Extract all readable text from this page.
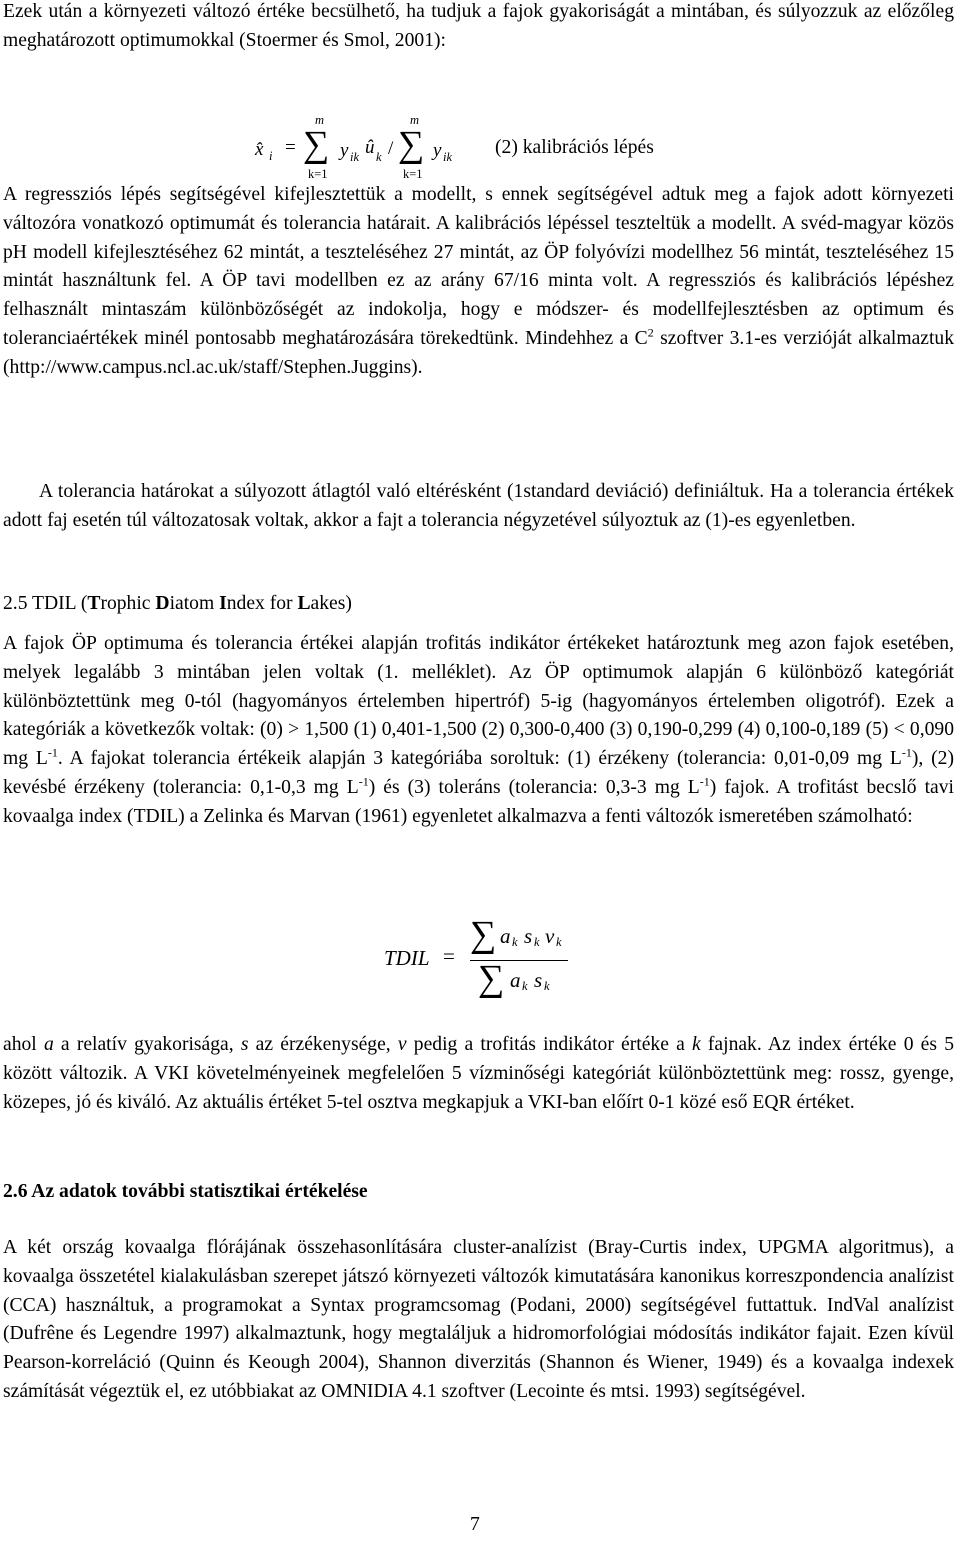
Ezek után a környezeti változó értéke becsülhető, ha tudjuk a fajok gyakoriságát a mintában, és súlyozzuk az előzőleg meghatározott optimumokkal (Stoermer és Smol, 2001):

x̂ i =
m
∑
k=1
y ik û k /
m
∑
k=1
y ik (2) kalibrációs lépés

A regressziós lépés segítségével kifejlesztettük a modellt, s ennek segítségével adtuk meg a fajok adott környezeti változóra vonatkozó optimumát és tolerancia határait. A kalibrációs lépéssel teszteltük a modellt. A svéd-magyar közös pH modell kifejlesztéséhez 62 mintát, a teszteléséhez 27 mintát, az ÖP folyóvízi modellhez 56 mintát, teszteléséhez 15 mintát használtunk fel. A ÖP tavi modellben ez az arány 67/16 minta volt. A regressziós és kalibrációs lépéshez felhasznált mintaszám különbözőségét az indokolja, hogy e módszer- és modellfejlesztésben az optimum és toleranciaértékek minél pontosabb meghatározására törekedtünk. Mindehhez a $C^2$ szoftver 3.1-es verzióját alkalmaztuk (http://www.campus.ncl.ac.uk/staff/Stephen.Juggins).

A tolerancia határokat a súlyozott átlagtól való eltérésként (1standard deviáció) definiáltuk. Ha a tolerancia értékek adott faj esetén túl változatosak voltak, akkor a fajt a tolerancia négyzetével súlyoztuk az (1)-es egyenletben.

2.5 TDIL (Trophic Diatom Index for Lakes)

A fajok ÖP optimuma és tolerancia értékei alapján trofitás indikátor értékeket határoztunk meg azon fajok esetében, melyek legalább 3 mintában jelen voltak (1. melléklet). Az ÖP optimumok alapján 6 különböző kategóriát különböztettünk meg 0-tól (hagyományos értelemben hipertróf) 5-ig (hagyományos értelemben oligotróf). Ezek a kategóriák a következők voltak: (0) > 1,500 (1) 0,401-1,500 (2) 0,300-0,400 (3) 0,190-0,299 (4) 0,100-0,189 (5) < 0,090 mg $L^{-1}$. A fajokat tolerancia értékeik alapján 3 kategóriába soroltuk: (1) érzékeny (tolerancia: 0,01-0,09 mg $L^{-1}$), (2) kevésbé érzékeny (tolerancia: 0,1-0,3 mg $L^{-1}$) és (3) toleráns (tolerancia: 0,3-3 mg $L^{-1}$) fajok. A trofitást becslő tavi kovaalga index (TDIL) a Zelinka és Marvan (1961) egyenletet alkalmazva a fenti változók ismeretében számolható:

TDIL =
∑ a k s k v k
∑ a k s k

ahol a a relatív gyakorisága, s az érzékenysége, v pedig a trofitás indikátor értéke a k fajnak. Az index értéke 0 és 5 között változik. A VKI követelményeinek megfelelően 5 vízminőségi kategóriát különböztettünk meg: rossz, gyenge, közepes, jó és kiváló. Az aktuális értéket 5-tel osztva megkapjuk a VKI-ban előírt 0-1 közé eső EQR értéket.

2.6 Az adatok további statisztikai értékelése

A két ország kovaalga flórájának összehasonlítására cluster-analízist (Bray-Curtis index, UPGMA algoritmus), a kovaalga összetétel kialakulásban szerepet játszó környezeti változók kimutatására kanonikus korreszpondencia analízist (CCA) használtuk, a programokat a Syntax programcsomag (Podani, 2000) segítségével futtattuk. IndVal analízist (Dufrêne és Legendre 1997) alkalmaztunk, hogy megtaláljuk a hidromorfológiai módosítás indikátor fajait. Ezen kívül Pearson-korreláció (Quinn és Keough 2004), Shannon diverzitás (Shannon és Wiener, 1949) és a kovaalga indexek számítását végeztük el, ez utóbbiakat az OMNIDIA 4.1 szoftver (Lecointe és mtsi. 1993) segítségével.

7
